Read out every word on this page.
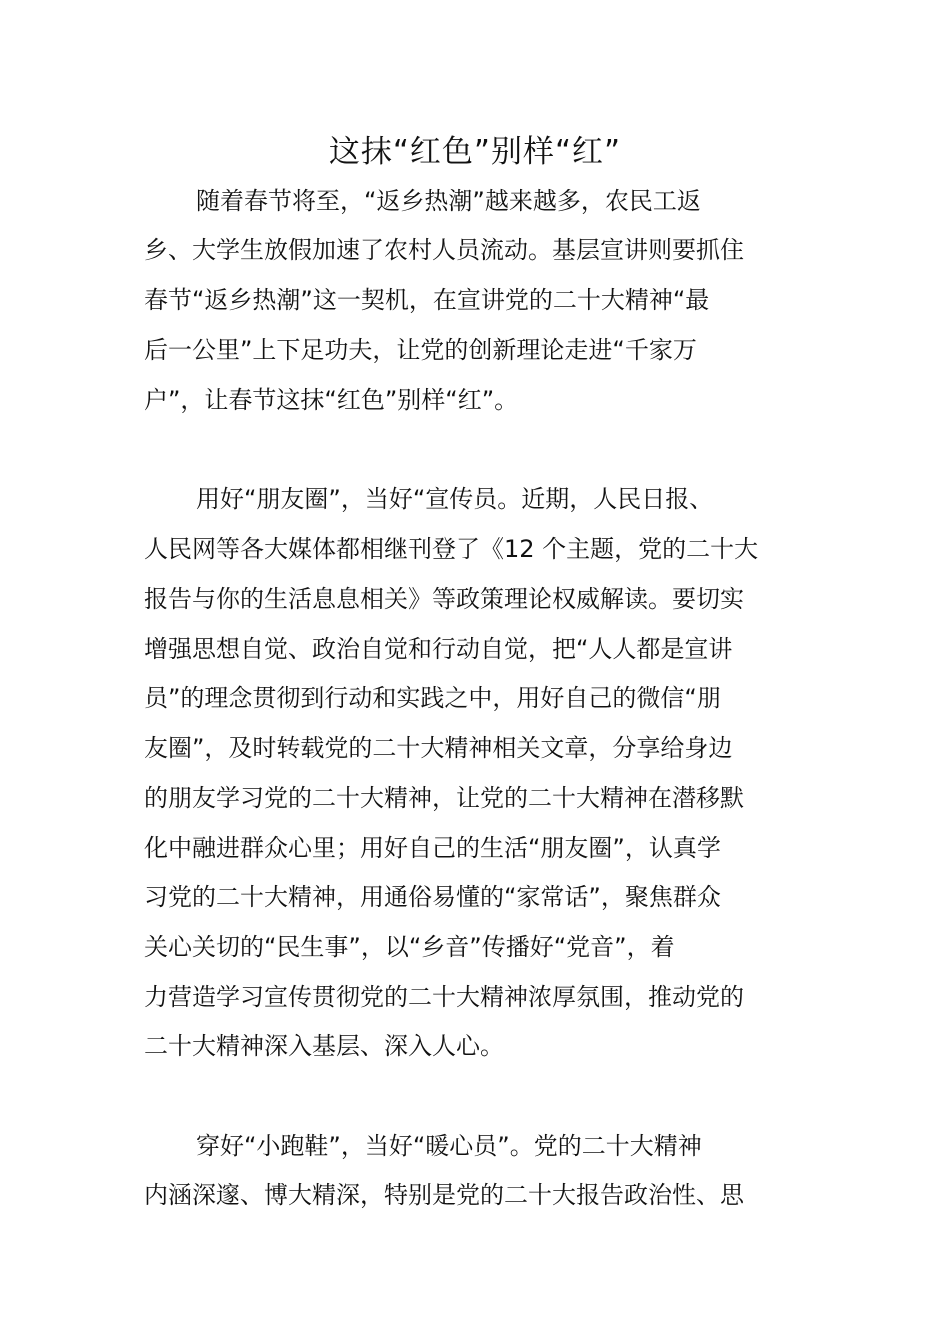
这抹“红色”别样“红”

随着春节将至，“返乡热潮”越来越多，农民工返

乡、大学生放假加速了农村人员流动。基层宣讲则要抓住

春节“返乡热潮”这一契机，在宣讲党的二十大精神“最

后一公里”上下足功夫，让党的创新理论走进“千家万

户”，让春节这抹“红色”别样“红”。

用好“朋友圈”，当好“宣传员。近期，人民日报、

人民网等各大媒体都相继刊登了《12 个主题，党的二十大

报告与你的生活息息相关》等政策理论权威解读。要切实

增强思想自觉、政治自觉和行动自觉，把“人人都是宣讲

员”的理念贯彻到行动和实践之中，用好自己的微信“朋

友圈”，及时转载党的二十大精神相关文章，分享给身边

的朋友学习党的二十大精神，让党的二十大精神在潜移默

化中融进群众心里；用好自己的生活“朋友圈”，认真学

习党的二十大精神，用通俗易懂的“家常话”，聚焦群众

关心关切的“民生事”，以“乡音”传播好“党音”，着

力营造学习宣传贯彻党的二十大精神浓厚氛围，推动党的

二十大精神深入基层、深入人心。

穿好“小跑鞋”，当好“暖心员”。党的二十大精神

内涵深邃、博大精深，特别是党的二十大报告政治性、思
